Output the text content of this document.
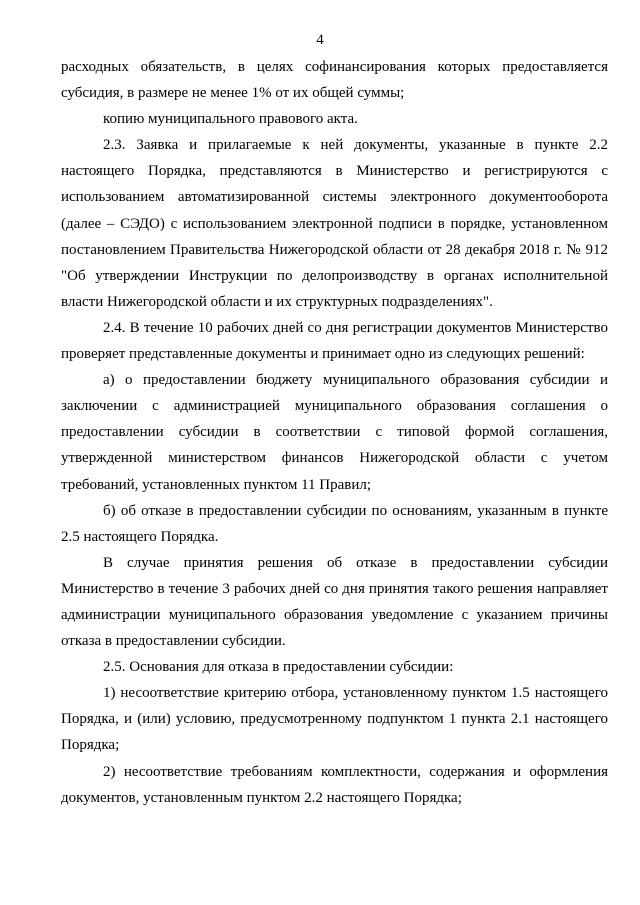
4

расходных обязательств, в целях софинансирования которых предоставляется субсидия, в размере не менее 1% от их общей суммы;

копию муниципального правового акта.

2.3. Заявка и прилагаемые к ней документы, указанные в пункте 2.2 настоящего Порядка, представляются в Министерство и регистрируются с использованием автоматизированной системы электронного документооборота (далее – СЭДО) с использованием электронной подписи в порядке, установленном постановлением Правительства Нижегородской области от 28 декабря 2018 г. № 912 "Об утверждении Инструкции по делопроизводству в органах исполнительной власти Нижегородской области и их структурных подразделениях".

2.4. В течение 10 рабочих дней со дня регистрации документов Министерство проверяет представленные документы и принимает одно из следующих решений:

а) о предоставлении бюджету муниципального образования субсидии и заключении с администрацией муниципального образования соглашения о предоставлении субсидии в соответствии с типовой формой соглашения, утвержденной министерством финансов Нижегородской области с учетом требований, установленных пунктом 11 Правил;

б) об отказе в предоставлении субсидии по основаниям, указанным в пункте 2.5 настоящего Порядка.

В случае принятия решения об отказе в предоставлении субсидии Министерство в течение 3 рабочих дней со дня принятия такого решения направляет администрации муниципального образования уведомление с указанием причины отказа в предоставлении субсидии.

2.5. Основания для отказа в предоставлении субсидии:

1) несоответствие критерию отбора, установленному пунктом 1.5 настоящего Порядка, и (или) условию, предусмотренному подпунктом 1 пункта 2.1 настоящего Порядка;

2) несоответствие требованиям комплектности, содержания и оформления документов, установленным пунктом 2.2 настоящего Порядка;
